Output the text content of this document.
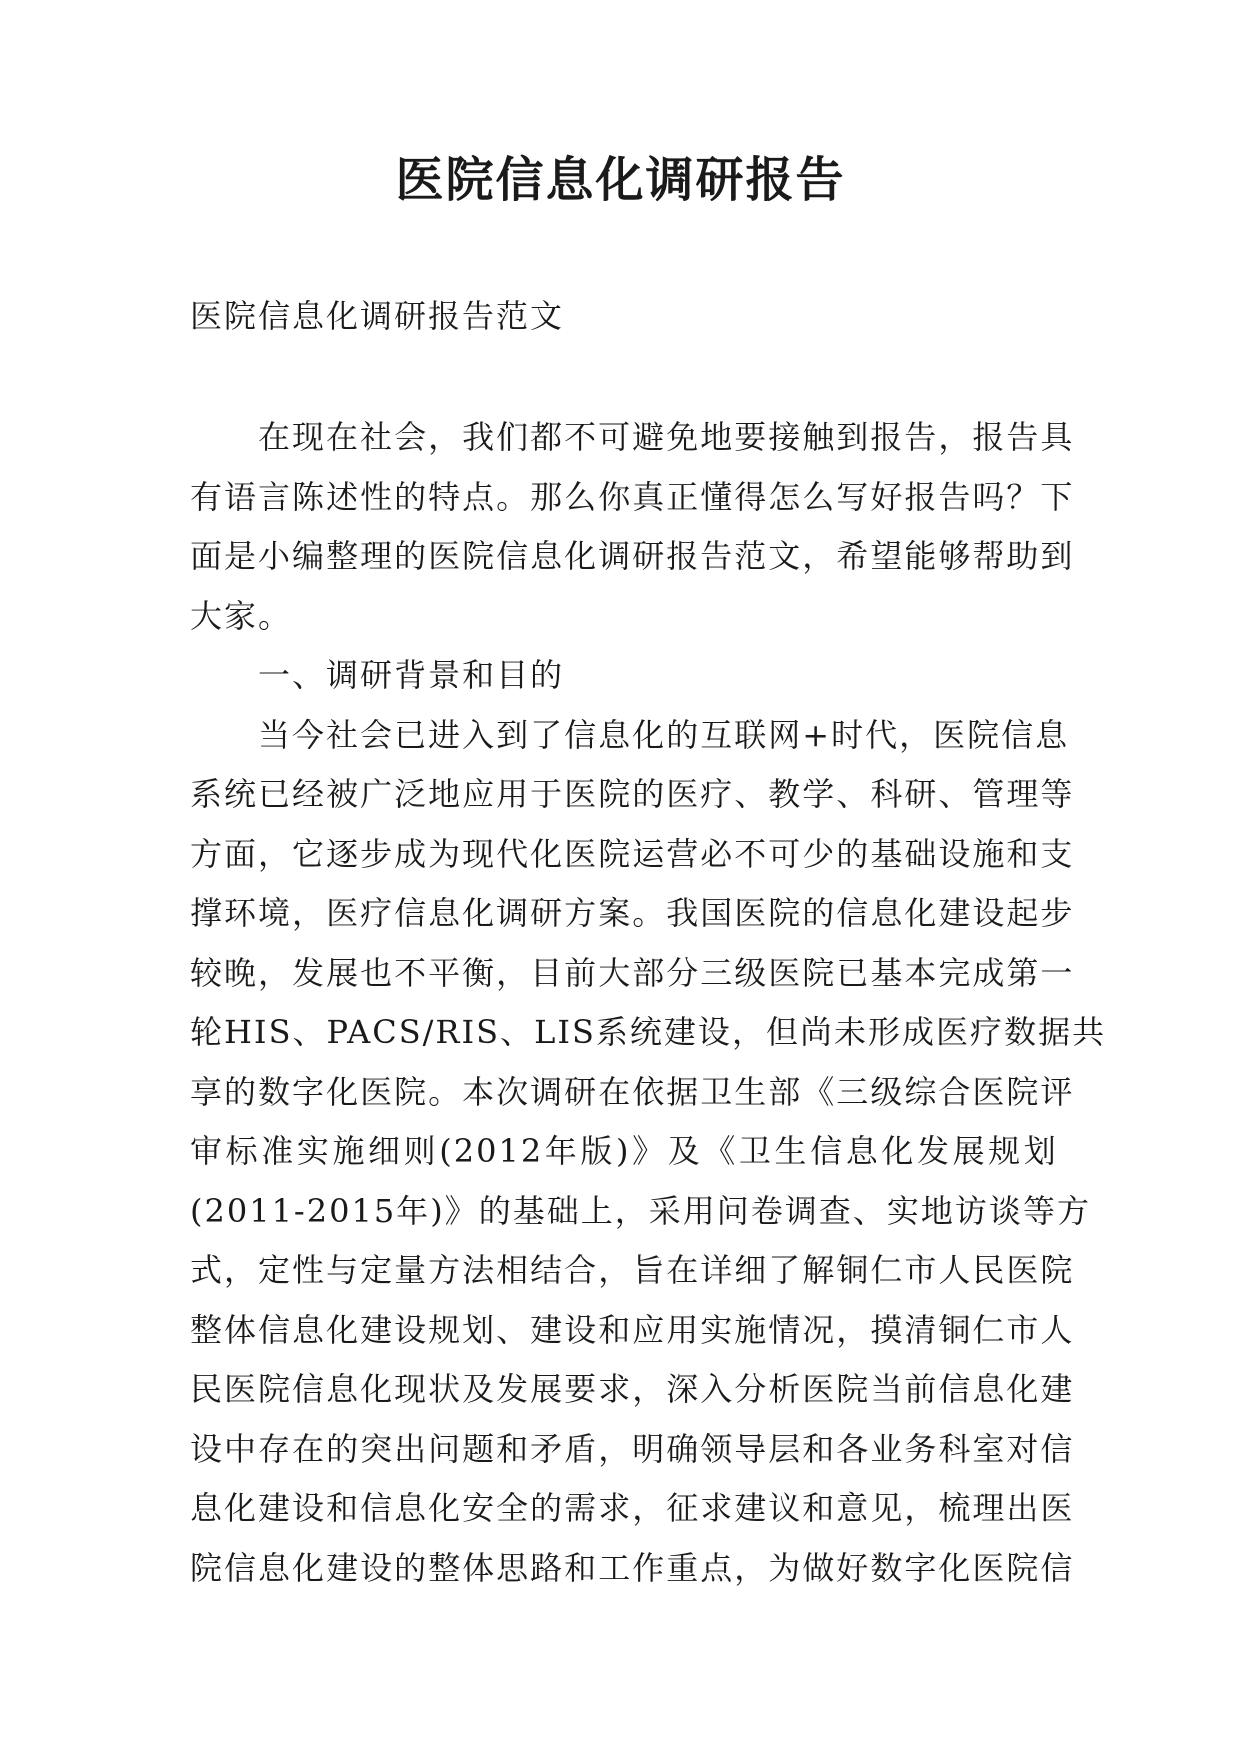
医院信息化调研报告
医院信息化调研报告范文
在 现 在 社 会 ， 我 们 都 不 可 避 免 地 要 接 触 到 报 告 ， 报 告 具
有 语 言 陈 述 性 的 特 点 。 那 么 你 真 正 懂 得 怎 么 写 好 报 告 吗 ？ 下
面 是 小 编 整 理 的 医 院 信 息 化 调 研 报 告 范 文 ， 希 望 能 够 帮 助 到
大 家 。
一 、 调 研 背 景 和 目 的
当 今 社 会 已 进 入 到 了 信 息 化 的 互 联 网 + 时 代 ， 医 院 信 息
系 统 已 经 被 广 泛 地 应 用 于 医 院 的 医 疗 、 教 学 、 科 研 、 管 理 等
方 面 ， 它 逐 步 成 为 现 代 化 医 院 运 营 必 不 可 少 的 基 础 设 施 和 支
撑 环 境 ， 医 疗 信 息 化 调 研 方 案 。 我 国 医 院 的 信 息 化 建 设 起 步
较 晚 ， 发 展 也 不 平 衡 ， 目 前 大 部 分 三 级 医 院 已 基 本 完 成 第 一
轮 HIS 、 PACS/RIS 、 LIS 系 统 建 设 ， 但 尚 未 形 成 医 疗 数 据 共
享 的 数 字 化 医 院 。 本 次 调 研 在 依 据 卫 生 部 《 三 级 综 合 医 院 评
审 标 准 实 施 细 则 (2012 年 版 ) 》 及 《 卫 生 信 息 化 发 展 规 划
(2011-2015 年 ) 》 的 基 础 上 ， 采 用 问 卷 调 查 、 实 地 访 谈 等 方
式 ， 定 性 与 定 量 方 法 相 结 合 ， 旨 在 详 细 了 解 铜 仁 市 人 民 医 院
整 体 信 息 化 建 设 规 划 、 建 设 和 应 用 实 施 情 况 ， 摸 清 铜 仁 市 人
民 医 院 信 息 化 现 状 及 发 展 要 求 ， 深 入 分 析 医 院 当 前 信 息 化 建
设 中 存 在 的 突 出 问 题 和 矛 盾 ， 明 确 领 导 层 和 各 业 务 科 室 对 信
息 化 建 设 和 信 息 化 安 全 的 需 求 ， 征 求 建 议 和 意 见 ， 梳 理 出 医
院 信 息 化 建 设 的 整 体 思 路 和 工 作 重 点 ， 为 做 好 数 字 化 医 院 信
